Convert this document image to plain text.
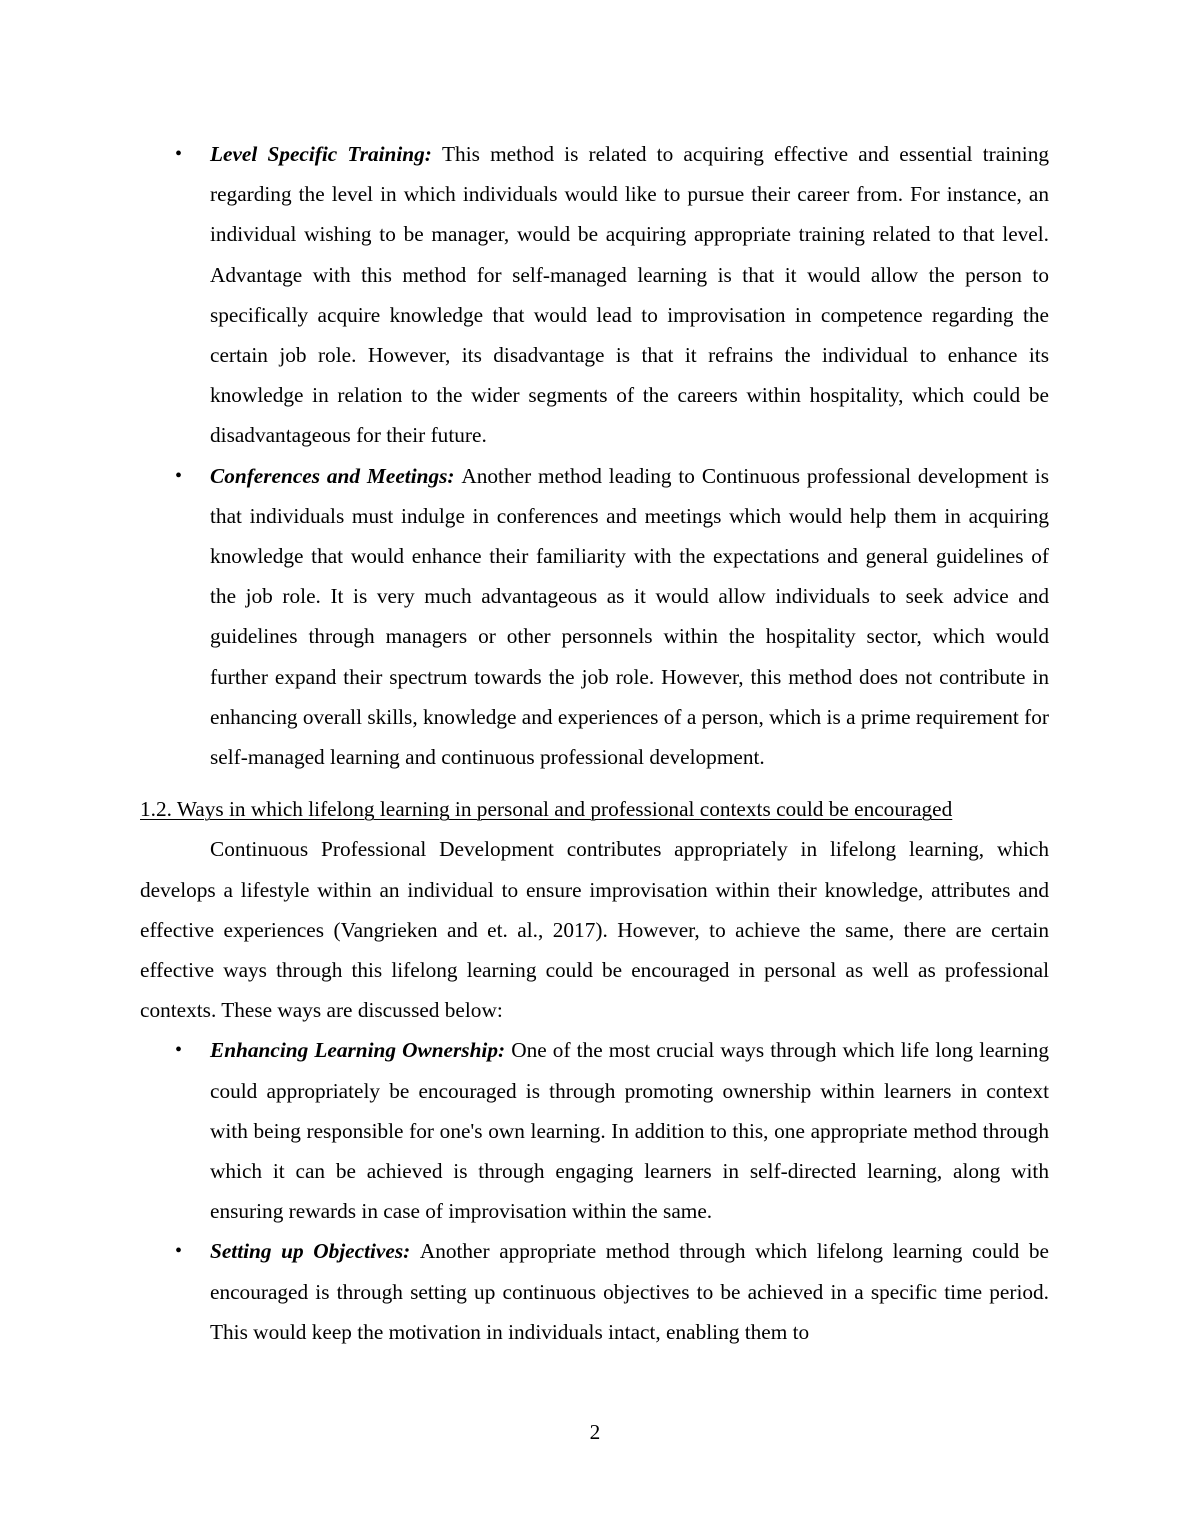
• Level Specific Training: This method is related to acquiring effective and essential training regarding the level in which individuals would like to pursue their career from. For instance, an individual wishing to be manager, would be acquiring appropriate training related to that level. Advantage with this method for self-managed learning is that it would allow the person to specifically acquire knowledge that would lead to improvisation in competence regarding the certain job role. However, its disadvantage is that it refrains the individual to enhance its knowledge in relation to the wider segments of the careers within hospitality, which could be disadvantageous for their future.
• Conferences and Meetings: Another method leading to Continuous professional development is that individuals must indulge in conferences and meetings which would help them in acquiring knowledge that would enhance their familiarity with the expectations and general guidelines of the job role. It is very much advantageous as it would allow individuals to seek advice and guidelines through managers or other personnels within the hospitality sector, which would further expand their spectrum towards the job role. However, this method does not contribute in enhancing overall skills, knowledge and experiences of a person, which is a prime requirement for self-managed learning and continuous professional development.

1.2. Ways in which lifelong learning in personal and professional contexts could be encouraged

Continuous Professional Development contributes appropriately in lifelong learning, which develops a lifestyle within an individual to ensure improvisation within their knowledge, attributes and effective experiences (Vangrieken and et. al., 2017). However, to achieve the same, there are certain effective ways through this lifelong learning could be encouraged in personal as well as professional contexts. These ways are discussed below:

• Enhancing Learning Ownership: One of the most crucial ways through which life long learning could appropriately be encouraged is through promoting ownership within learners in context with being responsible for one's own learning. In addition to this, one appropriate method through which it can be achieved is through engaging learners in self-directed learning, along with ensuring rewards in case of improvisation within the same.
• Setting up Objectives: Another appropriate method through which lifelong learning could be encouraged is through setting up continuous objectives to be achieved in a specific time period. This would keep the motivation in individuals intact, enabling them to
2
